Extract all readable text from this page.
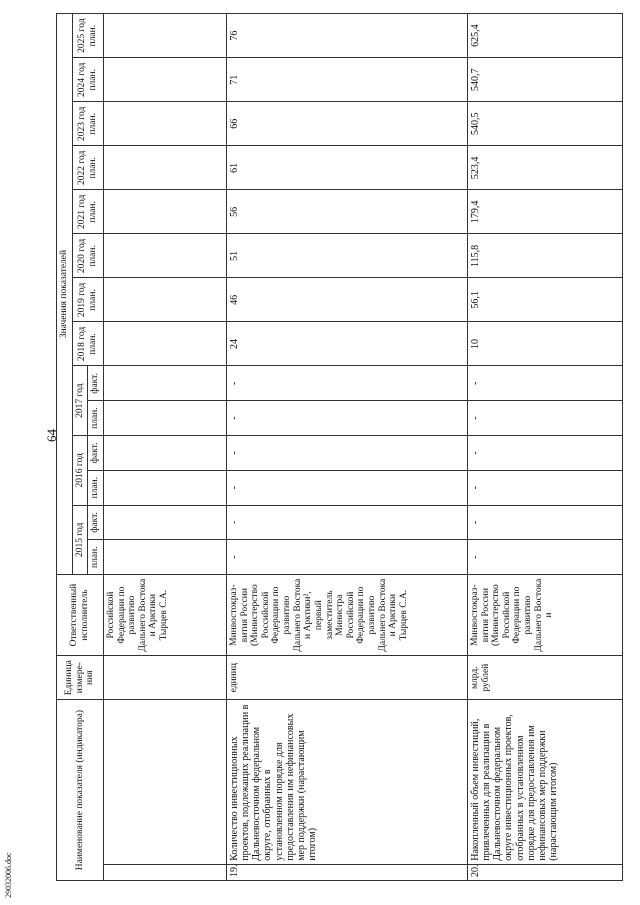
64
29032006.doc
Наименование показателя (индикатора)		Единица измере-ния	Ответственный исполнитель	Значения показателей													
				2015 год		2016 год		2017 год		2018 год план.	2019 год план.	2020 год план.	2021 год план.	2022 год план.	2023 год план.	2024 год план.	2025 год план.
				план.	факт.	план.	факт.	план.	факт.								
			Российской Федерации по развитию Дальнего Востока и Арктики Тырцев С.А.														
19.	Количество инвестиционных проектов, подлежащих реализации в Дальневосточном федеральном округе, отобранных в установленном порядке для предоставления им нефинансовых мер поддержки (нарастающим итогом)	единиц	Минвостокраз-вития России (Министерство Российской Федерации по развитию Дальнего Востока и Арктики², первый заместитель Министра Российской Федерации по развитию Дальнего Востока и Арктики Тырцев С.А.	-	-	-	-	-	-	24	46	51	56	61	66	71	76
20.	Накопленный объем инвестиций, привлеченных для реализации в Дальневосточном федеральном округе инвестиционных проектов, отобранных в установленном порядке для предоставления им нефинансовых мер поддержки (нарастающим итогом)	млрд. рублей	Минвостокраз-вития России (Министерство Российской Федерации по развитию Дальнего Востока и	-	-	-	-	-	-	10	56,1	115,8	179,4	523,4	540,5	540,7	625,4
